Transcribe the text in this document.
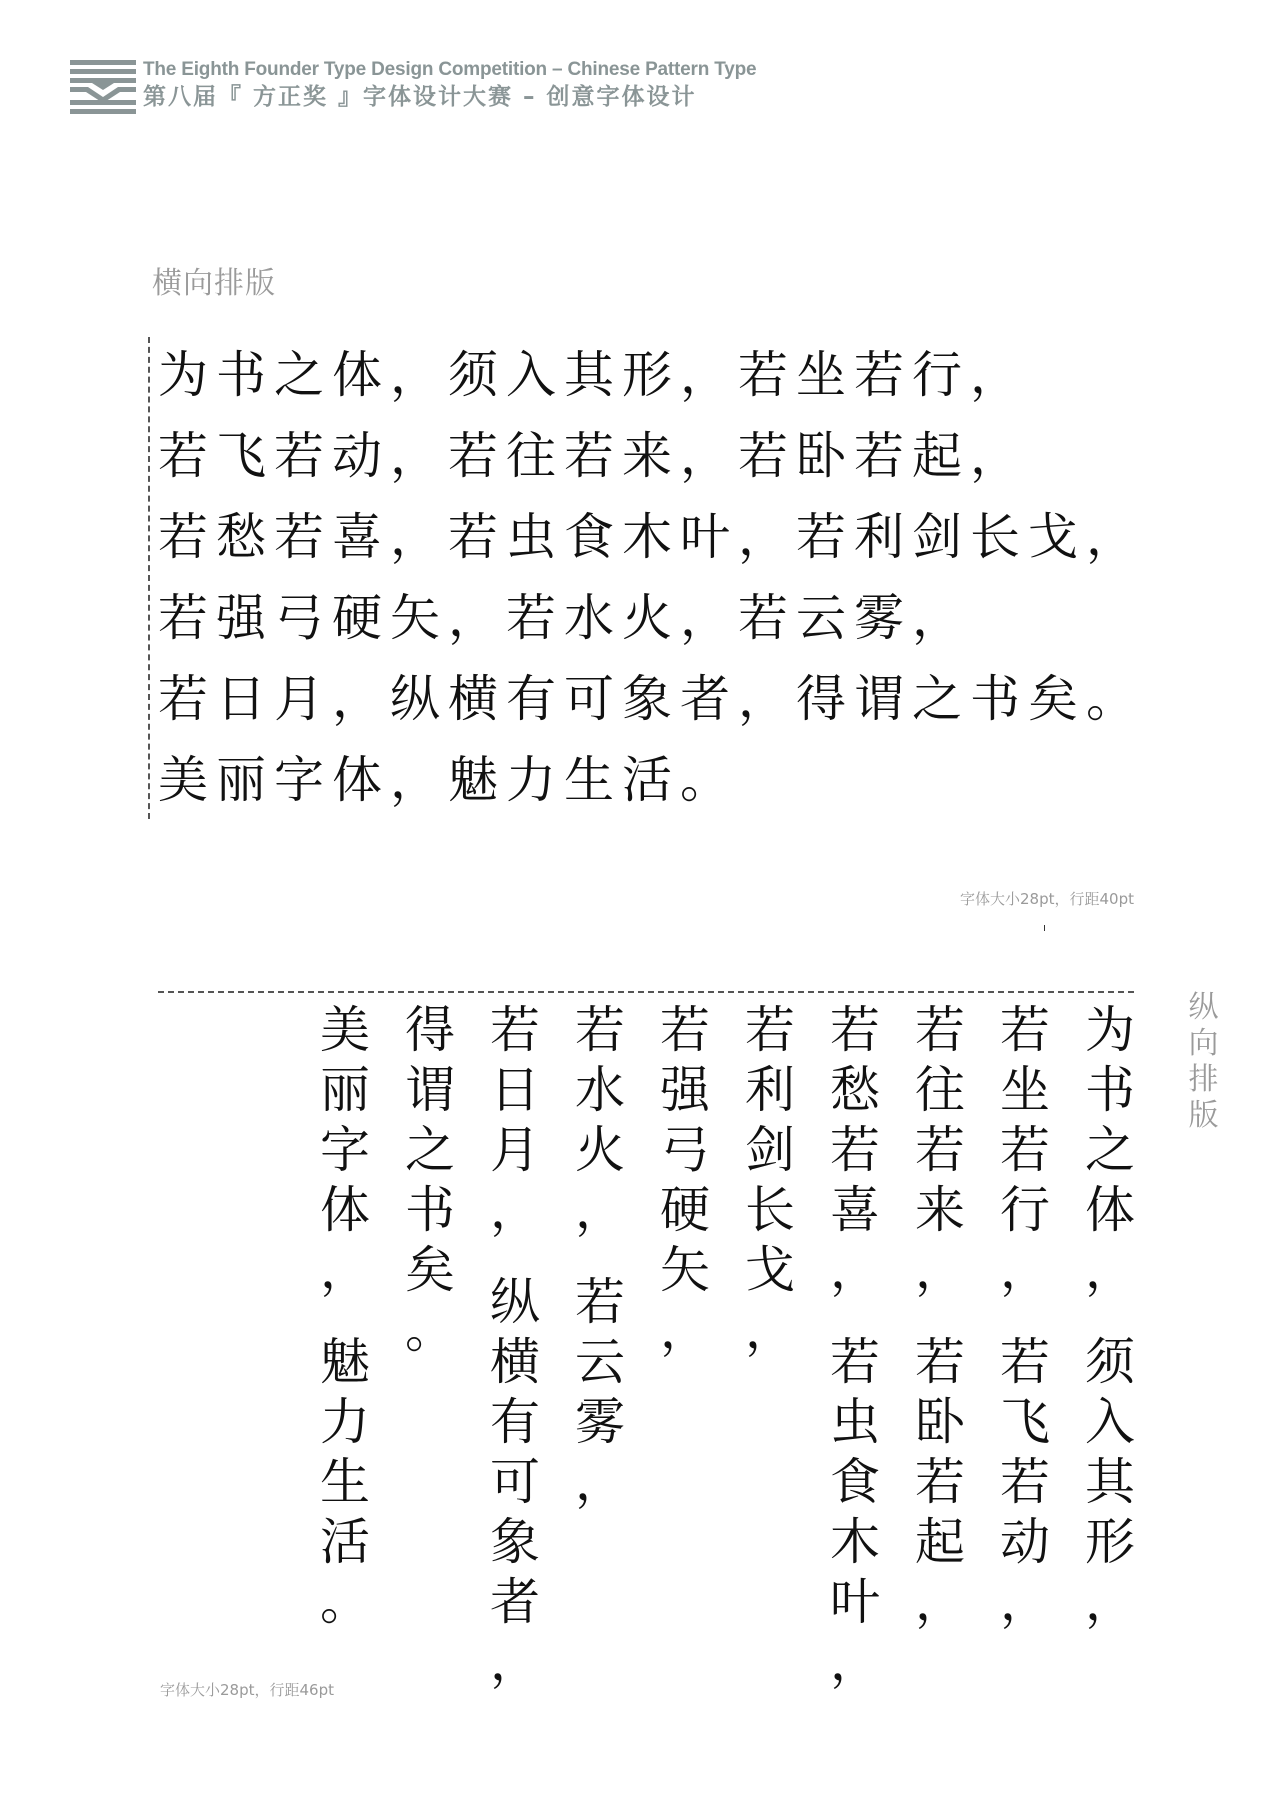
The Eighth Founder Type Design Competition – Chinese Pattern Type
第八届『 方正奖 』字体设计大赛 – 创意字体设计
横向排版
为书之体，须入其形，若坐若行，
若飞若动，若往若来，若卧若起，
若愁若喜，若虫食木叶，若利剑长戈，
若强弓硬矢，若水火，若云雾，
若日月，纵横有可象者，得谓之书矣。
美丽字体，魅力生活。
字体大小28pt，行距40pt
纵向排版
为
书
之
体
，
须
入
其
形
，
若
坐
若
行
，
若
飞
若
动
，
若
往
若
来
，
若
卧
若
起
，
若
愁
若
喜
，
若
虫
食
木
叶
，
若
利
剑
长
戈
，
若
强
弓
硬
矢
，
若
水
火
，
若
云
雾
，
若
日
月
，
纵
横
有
可
象
者
，
得
谓
之
书
矣
。
美
丽
字
体
，
魅
力
生
活
。
字体大小28pt，行距46pt
